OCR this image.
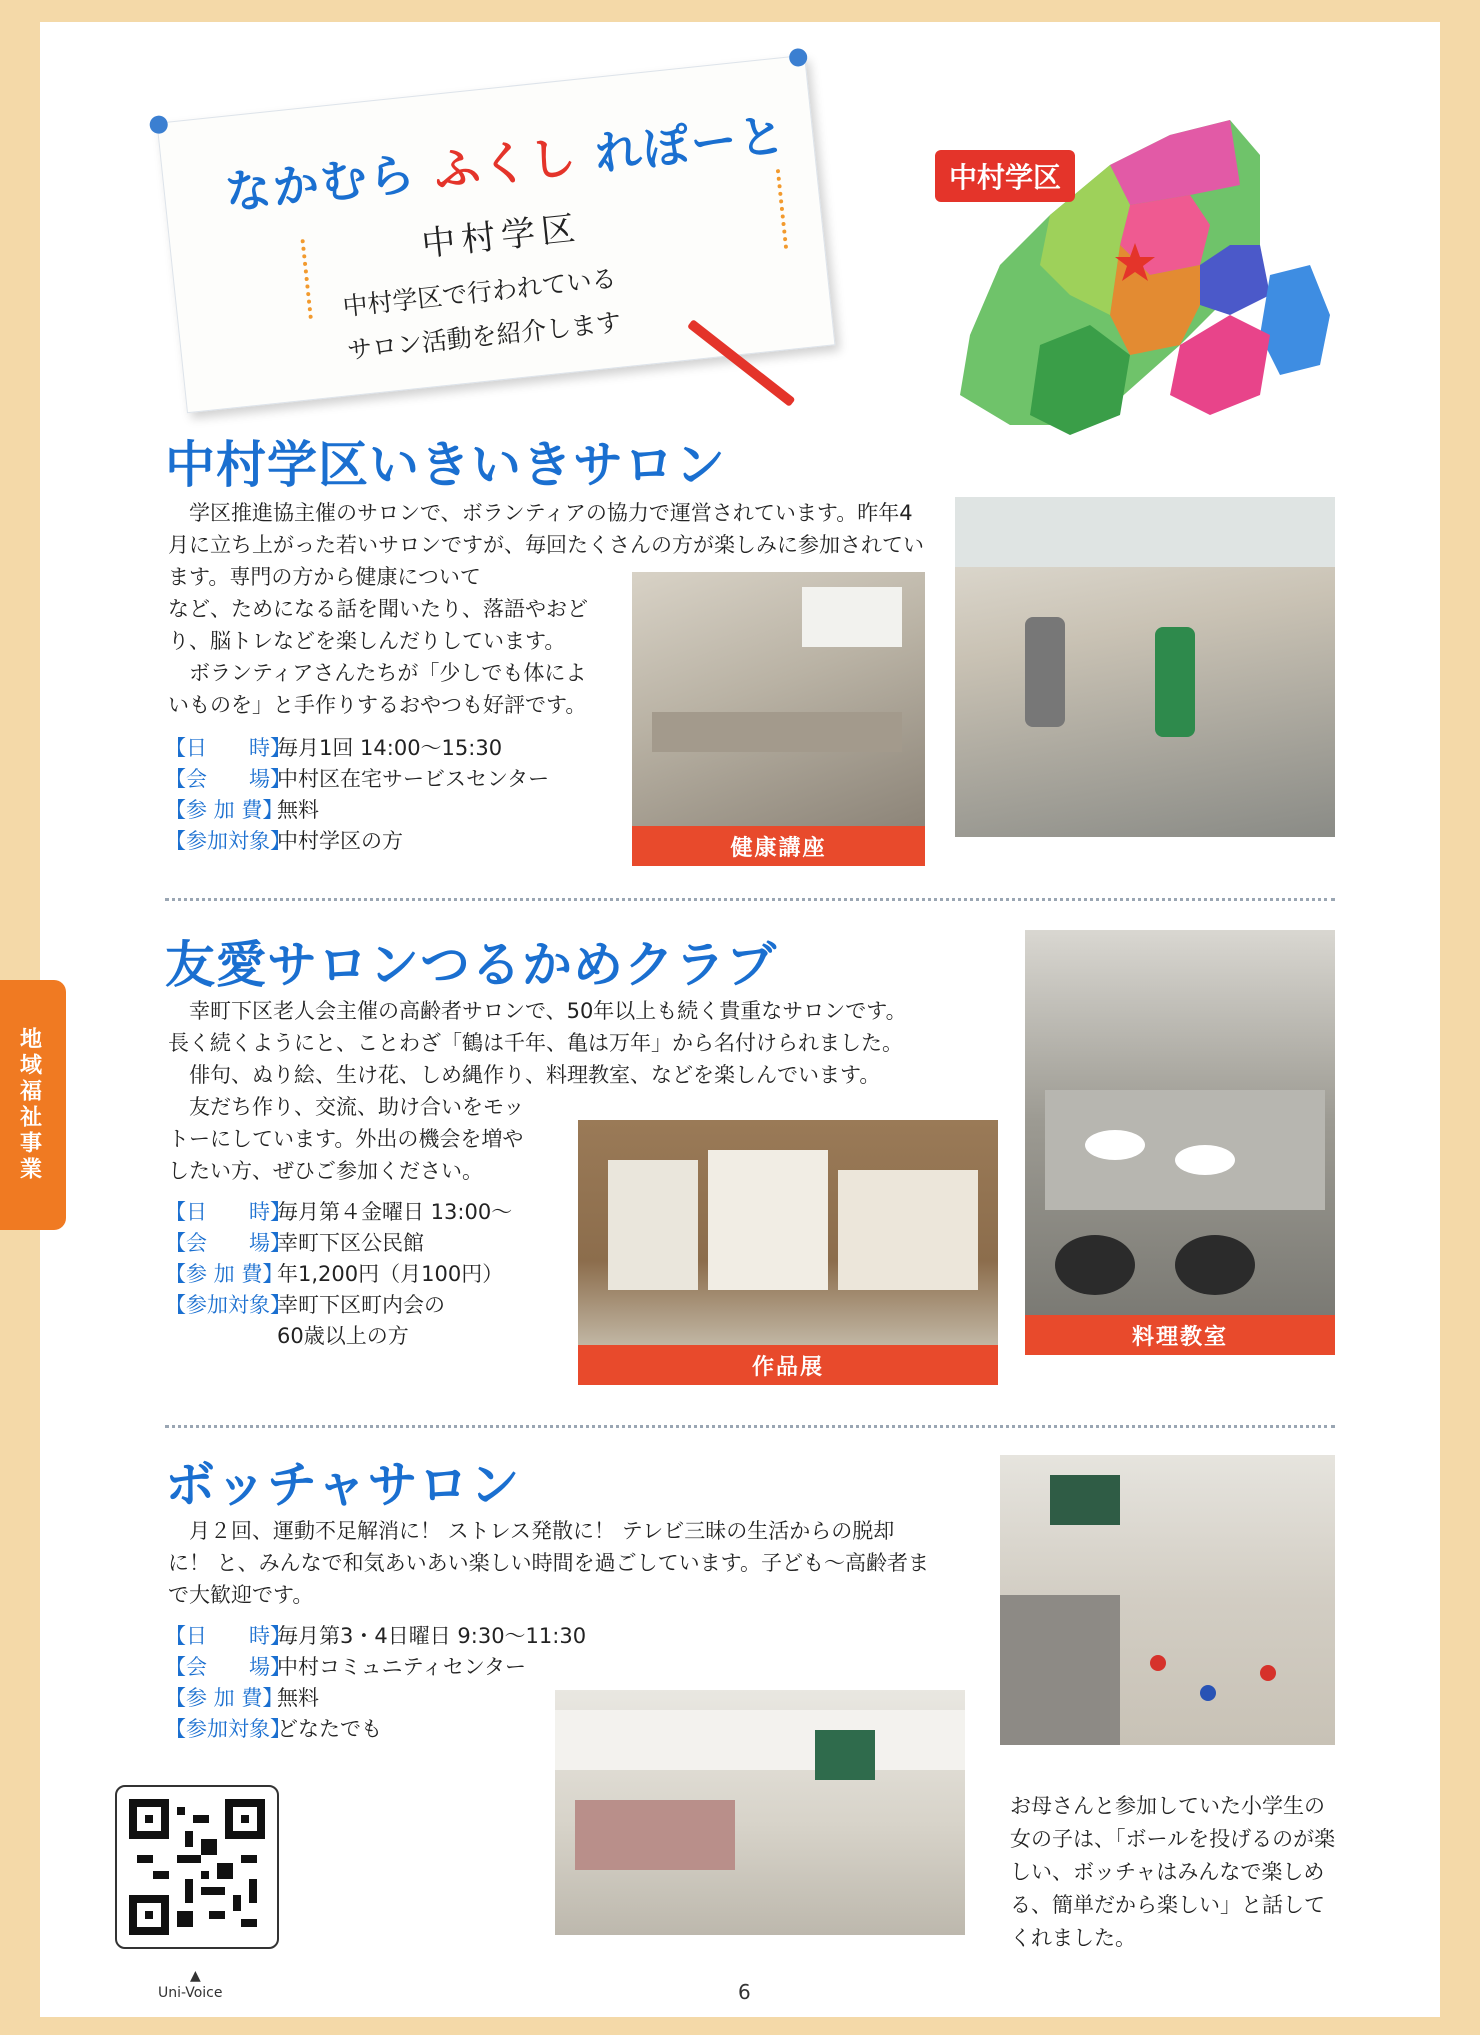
地域福祉事業
なかむら ふくし れぽーと
中村学区
中村学区で行われている
サロン活動を紹介します
中村学区
中村学区いきいきサロン
　学区推進協主催のサロンで、ボランティアの協力で運営されています。昨年4月に立ち上がった若いサロンですが、毎回たくさんの方が楽しみに参加されています。専門の方から健康について
など、ためになる話を聞いたり、落語やおど
り、脳トレなどを楽しんだりしています。
　ボランティアさんたちが「少しでも体によ
いものを」と手作りするおやつも好評です。
【日　　時】毎月1回 14:00〜15:30
【会　　場】中村区在宅サービスセンター
【参 加 費】無料
【参加対象】中村学区の方	健康講座
友愛サロンつるかめクラブ
　幸町下区老人会主催の高齢者サロンで、50年以上も続く貴重なサロンです。
長く続くようにと、ことわざ「鶴は千年、亀は万年」から名付けられました。
　俳句、ぬり絵、生け花、しめ縄作り、料理教室、などを楽しんでいます。
　友だち作り、交流、助け合いをモッ
トーにしています。外出の機会を増や
したい方、ぜひご参加ください。
【日　　時】毎月第４金曜日 13:00〜
【会　　場】幸町下区公民館
【参 加 費】年1,200円（月100円）
【参加対象】幸町下区町内会の
60歳以上の方
作品展
料理教室
ボッチャサロン
　月２回、運動不足解消に！ ストレス発散に！ テレビ三昧の生活からの脱却
に！ と、みんなで和気あいあい楽しい時間を過ごしています。子ども〜高齢者ま
で大歓迎です。
【日　　時】毎月第3・4日曜日 9:30〜11:30
【会　　場】中村コミュニティセンター
【参 加 費】無料
【参加対象】どなたでも
お母さんと参加していた小学生の女の子は、「ボールを投げるのが楽しい、ボッチャはみんなで楽しめる、簡単だから楽しい」と話してくれました。
▲
Uni-Voice	6
